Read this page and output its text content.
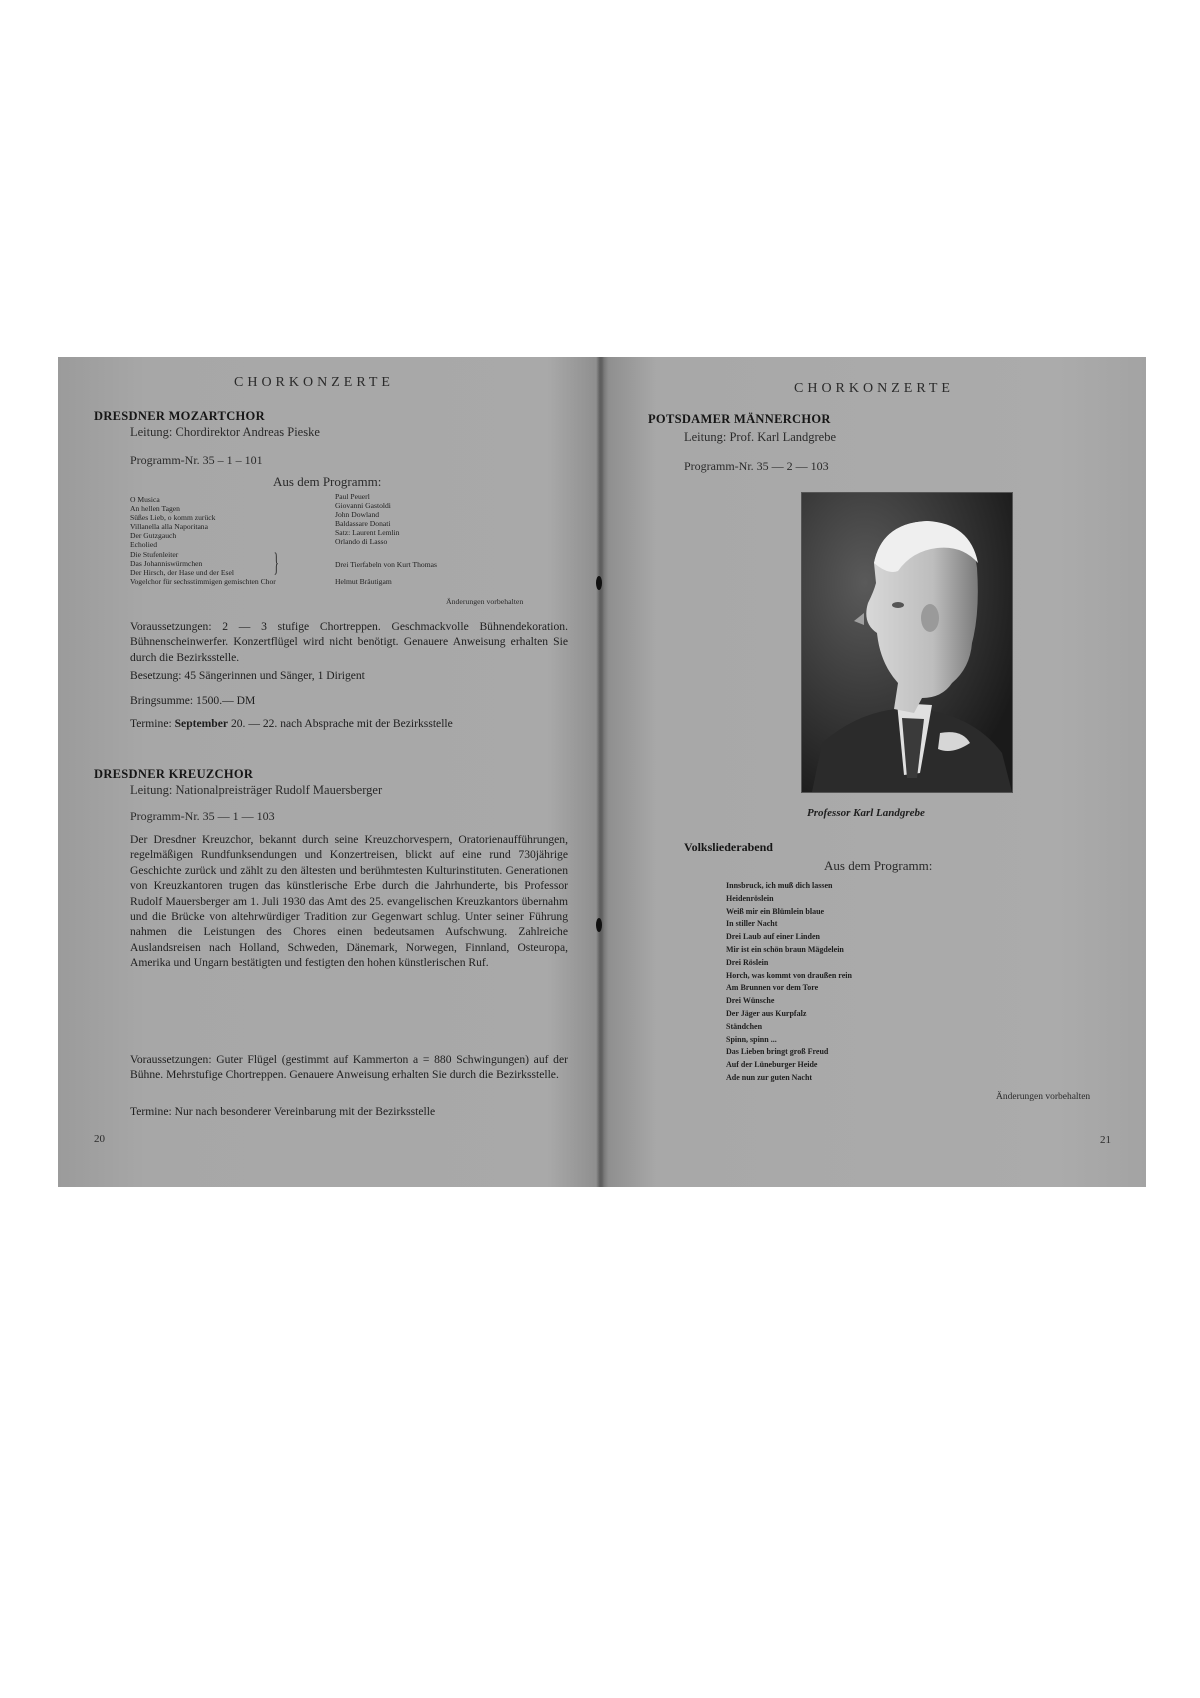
CHORKONZERTE
DRESDNER MOZARTCHOR
Leitung: Chordirektor Andreas Pieske
Programm-Nr. 35 – 1 – 101
Aus dem Programm:
O Musica
An hellen Tagen
Süßes Lieb, o komm zurück
Villanella alla Naporitana
Der Gutzgauch
Echolied
Die Stufenleiter
Das Johanniswürmchen
Der Hirsch, der Hase und der Esel
Vogelchor für sechsstimmigen gemischten Chor
}
Paul Peuerl
Giovanni Gastoldi
John Dowland
Baldassare Donati
Satz: Laurent Lemlin
Orlando di Lasso
Drei Tierfabeln von Kurt Thomas
Helmut Bräutigam
Änderungen vorbehalten
Voraussetzungen: 2 — 3 stufige Chortreppen. Geschmackvolle Bühnendekoration. Bühnenscheinwerfer. Konzertflügel wird nicht benötigt. Genauere Anweisung erhalten Sie durch die Bezirksstelle.
Besetzung: 45 Sängerinnen und Sänger, 1 Dirigent
Bringsumme: 1500.— DM
Termine: September 20. — 22. nach Absprache mit der Bezirksstelle
DRESDNER KREUZCHOR
Leitung: Nationalpreisträger Rudolf Mauersberger
Programm-Nr. 35 — 1 — 103
Der Dresdner Kreuzchor, bekannt durch seine Kreuzchorvespern, Oratorienaufführungen, regelmäßigen Rundfunksendungen und Konzertreisen, blickt auf eine rund 730jährige Geschichte zurück und zählt zu den ältesten und berühmtesten Kulturinstituten. Generationen von Kreuzkantoren trugen das künstlerische Erbe durch die Jahrhunderte, bis Professor Rudolf Mauersberger am 1. Juli 1930 das Amt des 25. evangelischen Kreuzkantors übernahm und die Brücke von altehrwürdiger Tradition zur Gegenwart schlug. Unter seiner Führung nahmen die Leistungen des Chores einen bedeutsamen Aufschwung. Zahlreiche Auslandsreisen nach Holland, Schweden, Dänemark, Norwegen, Finnland, Osteuropa, Amerika und Ungarn bestätigten und festigten den hohen künstlerischen Ruf.
Voraussetzungen: Guter Flügel (gestimmt auf Kammerton a = 880 Schwingungen) auf der Bühne. Mehrstufige Chortreppen. Genauere Anweisung erhalten Sie durch die Bezirksstelle.
Termine: Nur nach besonderer Vereinbarung mit der Bezirksstelle
20
CHORKONZERTE
POTSDAMER MÄNNERCHOR
Leitung: Prof. Karl Landgrebe
Programm-Nr. 35 — 2 — 103
Professor Karl Landgrebe
Volksliederabend
Aus dem Programm:
Innsbruck, ich muß dich lassen
Heidenröslein
Weiß mir ein Blümlein blaue
In stiller Nacht
Drei Laub auf einer Linden
Mir ist ein schön braun Mägdelein
Drei Röslein
Horch, was kommt von draußen rein
Am Brunnen vor dem Tore
Drei Wünsche
Der Jäger aus Kurpfalz
Ständchen
Spinn, spinn ...
Das Lieben bringt groß Freud
Auf der Lüneburger Heide
Ade nun zur guten Nacht
Änderungen vorbehalten
21
